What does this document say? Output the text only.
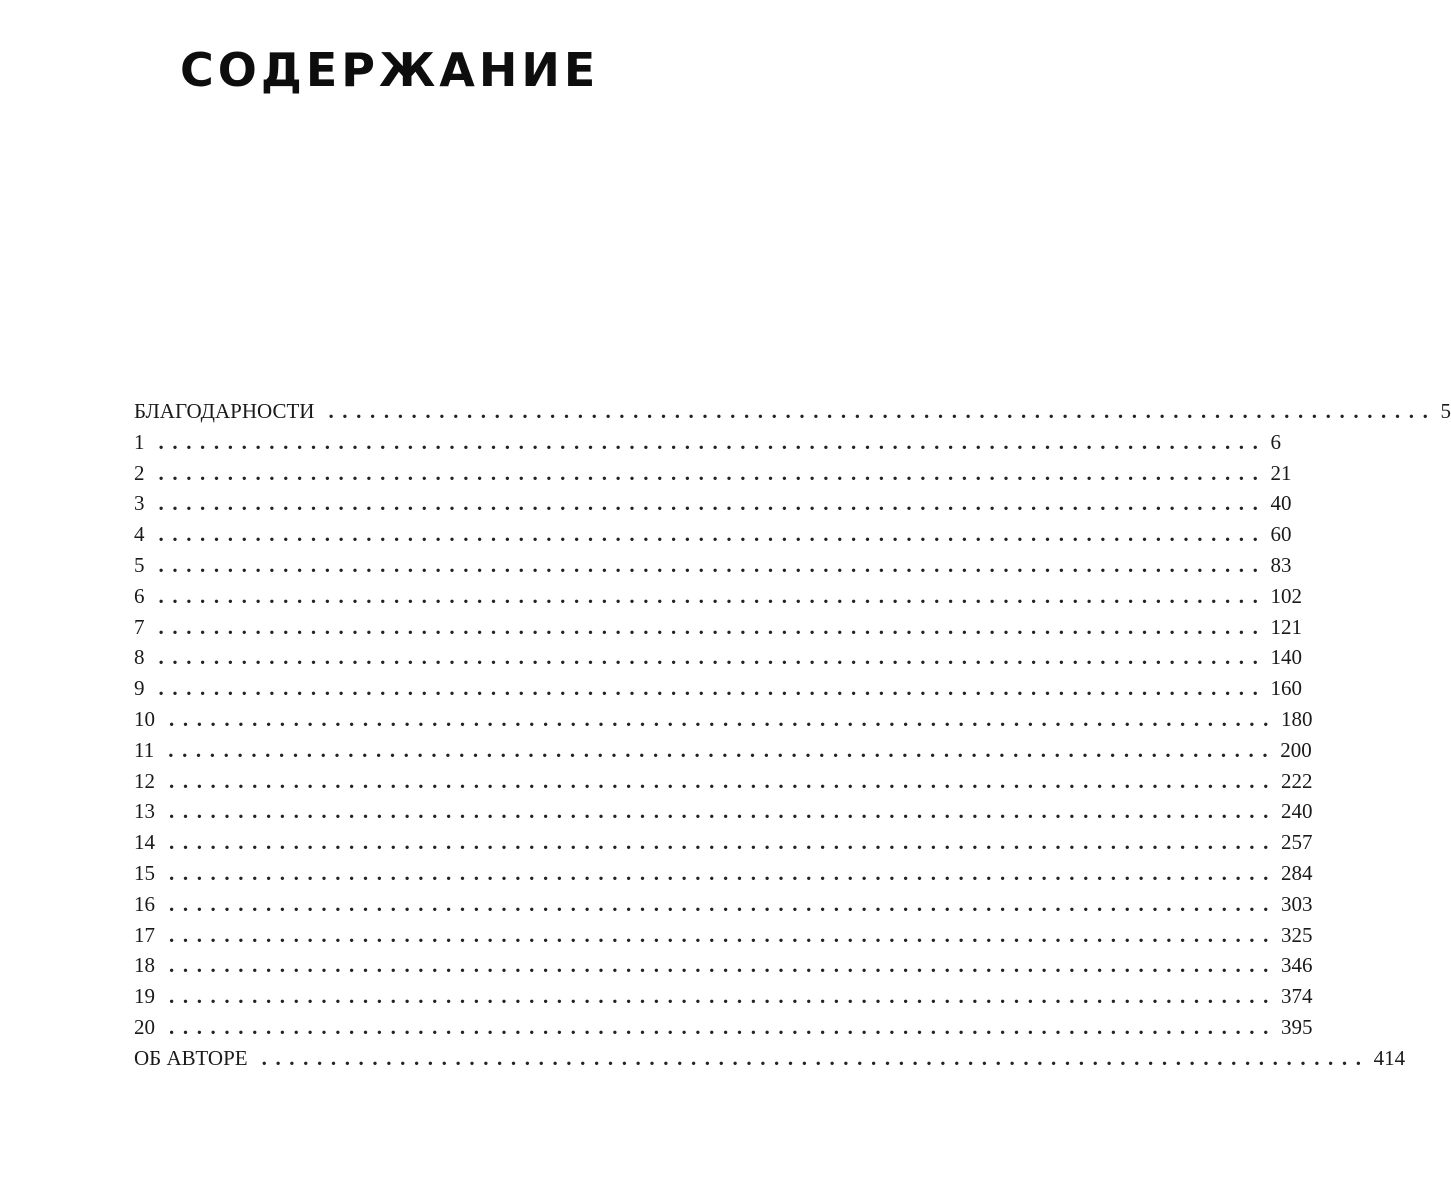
СОДЕРЖАНИЕ
БЛАГОДАРНОСТИ ................................................................................ 5
1 ................................................................................ 6
2 ................................................................................ 21
3 ................................................................................ 40
4 ................................................................................ 60
5 ................................................................................ 83
6 ................................................................................ 102
7 ................................................................................ 121
8 ................................................................................ 140
9 ................................................................................ 160
10 ................................................................................ 180
11 ................................................................................ 200
12 ................................................................................ 222
13 ................................................................................ 240
14 ................................................................................ 257
15 ................................................................................ 284
16 ................................................................................ 303
17 ................................................................................ 325
18 ................................................................................ 346
19 ................................................................................ 374
20 ................................................................................ 395
ОБ АВТОРЕ ................................................................................ 414
